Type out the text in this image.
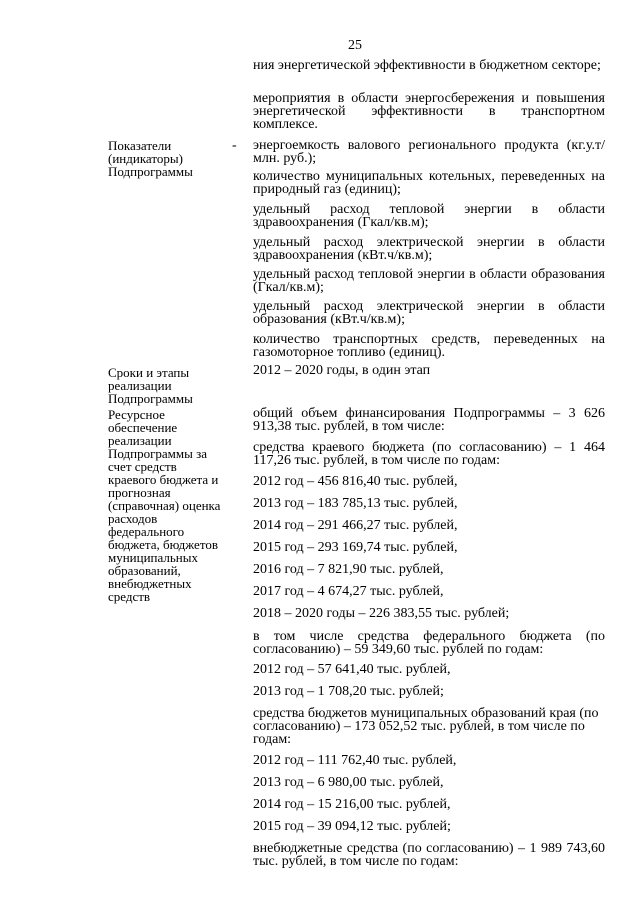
25
ния энергетической эффективности в бюджетном секторе;
мероприятия в области энергосбережения и повышения энергетической эффективности в транспортном комплексе.
Показатели (индикаторы) Подпрограммы
- энергоемкость валового регионального продукта (кг.у.т/млн. руб.);
количество муниципальных котельных, переведенных на природный газ (единиц);
удельный расход тепловой энергии в области здравоохранения (Гкал/кв.м);
удельный расход электрической энергии в области здравоохранения (кВт.ч/кв.м);
удельный расход тепловой энергии в области образования (Гкал/кв.м);
удельный расход электрической энергии в области образования (кВт.ч/кв.м);
количество транспортных средств, переведенных на газомоторное топливо (единиц).
Сроки и этапы реализации Подпрограммы
2012 – 2020 годы, в один этап
Ресурсное обеспечение реализации Подпрограммы за счет средств краевого бюджета и прогнозная (справочная) оценка расходов федерального бюджета, бюджетов муниципальных образований, внебюджетных средств
общий объем финансирования Подпрограммы – 3 626 913,38 тыс. рублей, в том числе:
средства краевого бюджета (по согласованию) – 1 464 117,26 тыс. рублей, в том числе по годам:
2012 год – 456 816,40 тыс. рублей,
2013 год – 183 785,13 тыс. рублей,
2014 год – 291 466,27 тыс. рублей,
2015 год – 293 169,74 тыс. рублей,
2016 год – 7 821,90 тыс. рублей,
2017 год – 4 674,27 тыс. рублей,
2018 – 2020 годы – 226 383,55 тыс. рублей;
в том числе средства федерального бюджета (по согласованию) – 59 349,60 тыс. рублей по годам:
2012 год – 57 641,40 тыс. рублей,
2013 год – 1 708,20 тыс. рублей;
средства бюджетов муниципальных образований края (по согласованию) – 173 052,52 тыс. рублей, в том числе по годам:
2012 год – 111 762,40 тыс. рублей,
2013 год – 6 980,00 тыс. рублей,
2014 год – 15 216,00 тыс. рублей,
2015 год – 39 094,12 тыс. рублей;
внебюджетные средства (по согласованию) – 1 989 743,60 тыс. рублей, в том числе по годам:
